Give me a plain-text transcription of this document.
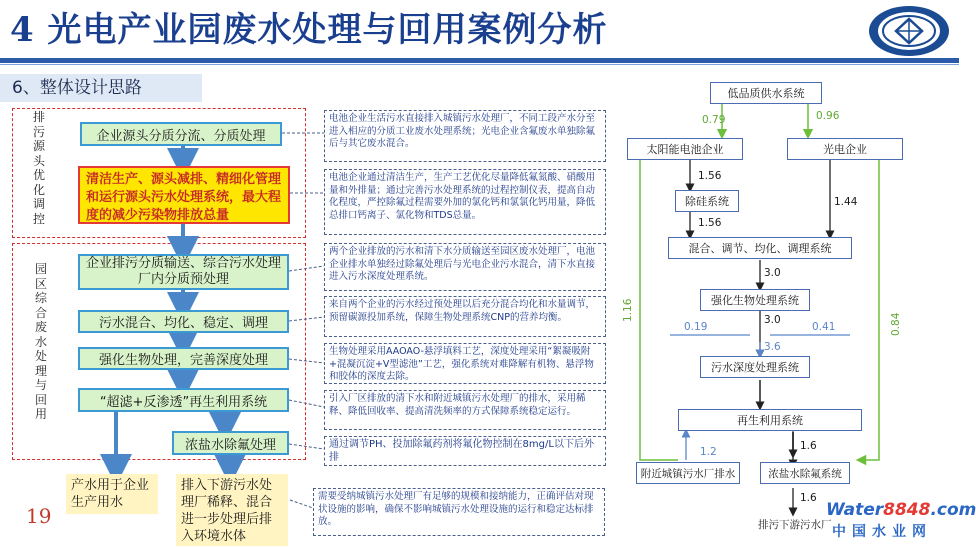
4 光电产业园废水处理与回用案例分析
6、整体设计思路
排污源头优化调控
园区综合废水处理与回用
企业源头分质分流、分质处理
清洁生产、源头减排、精细化管理和运行源头污水处理系统，最大程度的减少污染物排放总量
企业排污分质输送、综合污水处理厂内分质预处理
污水混合、均化、稳定、调理
强化生物处理，完善深度处理
“超滤+反渗透”再生利用系统
浓盐水除氟处理
产水用于企业生产用水
排入下游污水处理厂稀释、混合进一步处理后排入环境水体
19
电池企业生活污水直接排入城镇污水处理厂，不同工段产水分至进入相应的分质工业废水处理系统；光电企业含氟废水单独除氟后与其它废水混合。
电池企业通过清洁生产，生产工艺优化尽量降低氟氮酸、硝酸用量和外排量；通过完善污水处理系统的过程控制仪表，提高自动化程度，严控除氟过程需要外加的氯化钙和氯氯化钙用量，降低总排口钙离子、氯化物和TDS总量。
两个企业排放的污水和清下水分质输送至园区废水处理厂，电池企业排水单独经过除氟处理后与光电企业污水混合，清下水直接进入污水深度处理系统。
来自两个企业的污水经过预处理以后充分混合均化和水量调节，预留碳源投加系统，保障生物处理系统CNP的营养均衡。
生物处理采用AAOAO-悬浮填料工艺，深度处理采用“絮凝吸附+混凝沉淀+V型滤池”工艺，强化系统对难降解有机物、悬浮物和胶体的深度去除。
引入厂区排放的清下水和附近城镇污水处理厂的排水，采用稀释、降低回收率、提高清洗频率的方式保障系统稳定运行。
通过调节PH、投加除氟药剂将氟化物控制在8mg/L以下后外排
需要受纳城镇污水处理厂有足够的规模和接纳能力，正确评估对现状设施的影响，确保不影响城镇污水处理设施的运行和稳定达标排放。
低品质供水系统
太阳能电池企业	光电企业
除硅系统
混合、调节、均化、调理系统
强化生物处理系统
污水深度处理系统
再生利用系统
附近城镇污水厂排水	浓盐水除氟系统
排污下游污水厂
0.79	0.96
1.56
1.56
1.44
3.0
3.0
0.19	0.41
3.6
1.16
0.84
1.2	1.6
1.6
Water8848.com
中国水业网
